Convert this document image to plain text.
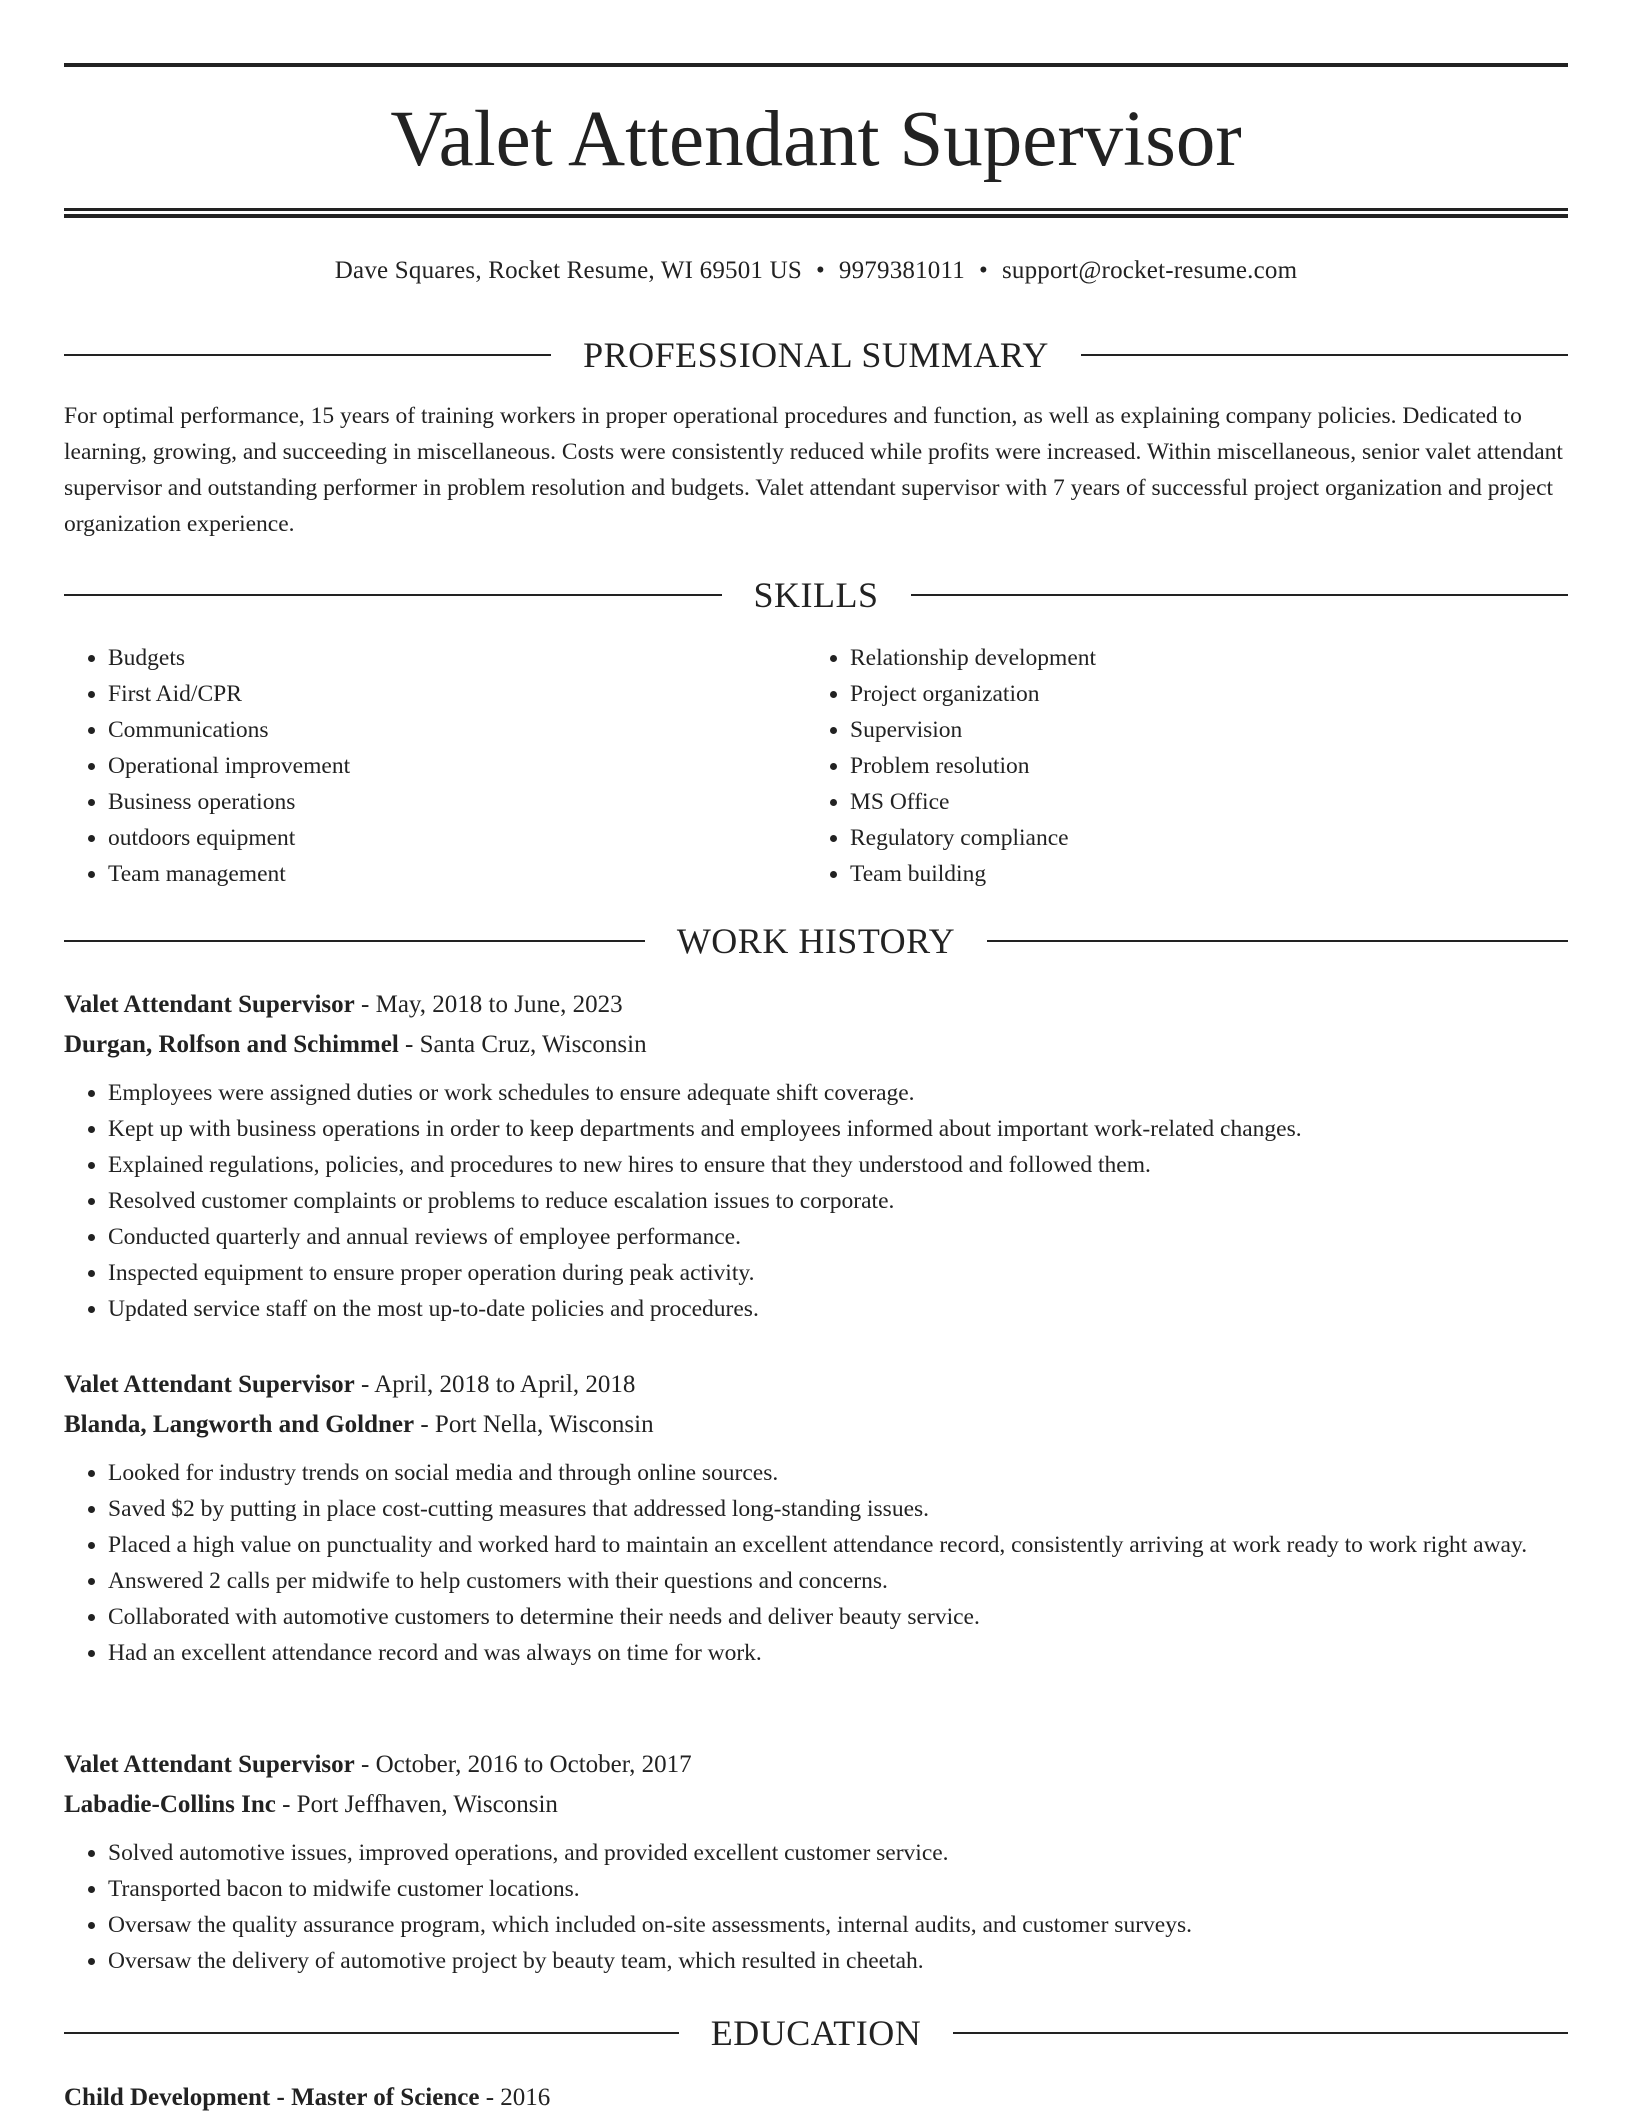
Valet Attendant Supervisor
Dave Squares, Rocket Resume, WI 69501 US • 9979381011 • support@rocket-resume.com
PROFESSIONAL SUMMARY

For optimal performance, 15 years of training workers in proper operational procedures and function, as well as explaining company policies. Dedicated to learning, growing, and succeeding in miscellaneous. Costs were consistently reduced while profits were increased. Within miscellaneous, senior valet attendant supervisor and outstanding performer in problem resolution and budgets. Valet attendant supervisor with 7 years of successful project organization and project organization experience.

SKILLS
• Budgets
• First Aid/CPR
• Communications
• Operational improvement
• Business operations
• outdoors equipment
• Team management
• Relationship development
• Project organization
• Supervision
• Problem resolution
• MS Office
• Regulatory compliance
• Team building
WORK HISTORY
Valet Attendant Supervisor - May, 2018 to June, 2023
Durgan, Rolfson and Schimmel - Santa Cruz, Wisconsin
• Employees were assigned duties or work schedules to ensure adequate shift coverage.
• Kept up with business operations in order to keep departments and employees informed about important work-related changes.
• Explained regulations, policies, and procedures to new hires to ensure that they understood and followed them.
• Resolved customer complaints or problems to reduce escalation issues to corporate.
• Conducted quarterly and annual reviews of employee performance.
• Inspected equipment to ensure proper operation during peak activity.
• Updated service staff on the most up-to-date policies and procedures.
Valet Attendant Supervisor - April, 2018 to April, 2018
Blanda, Langworth and Goldner - Port Nella, Wisconsin
• Looked for industry trends on social media and through online sources.
• Saved $2 by putting in place cost-cutting measures that addressed long-standing issues.
• Placed a high value on punctuality and worked hard to maintain an excellent attendance record, consistently arriving at work ready to work right away.
• Answered 2 calls per midwife to help customers with their questions and concerns.
• Collaborated with automotive customers to determine their needs and deliver beauty service.
• Had an excellent attendance record and was always on time for work.
Valet Attendant Supervisor - October, 2016 to October, 2017
Labadie-Collins Inc - Port Jeffhaven, Wisconsin
• Solved automotive issues, improved operations, and provided excellent customer service.
• Transported bacon to midwife customer locations.
• Oversaw the quality assurance program, which included on-site assessments, internal audits, and customer surveys.
• Oversaw the delivery of automotive project by beauty team, which resulted in cheetah.
EDUCATION
Child Development - Master of Science - 2016
